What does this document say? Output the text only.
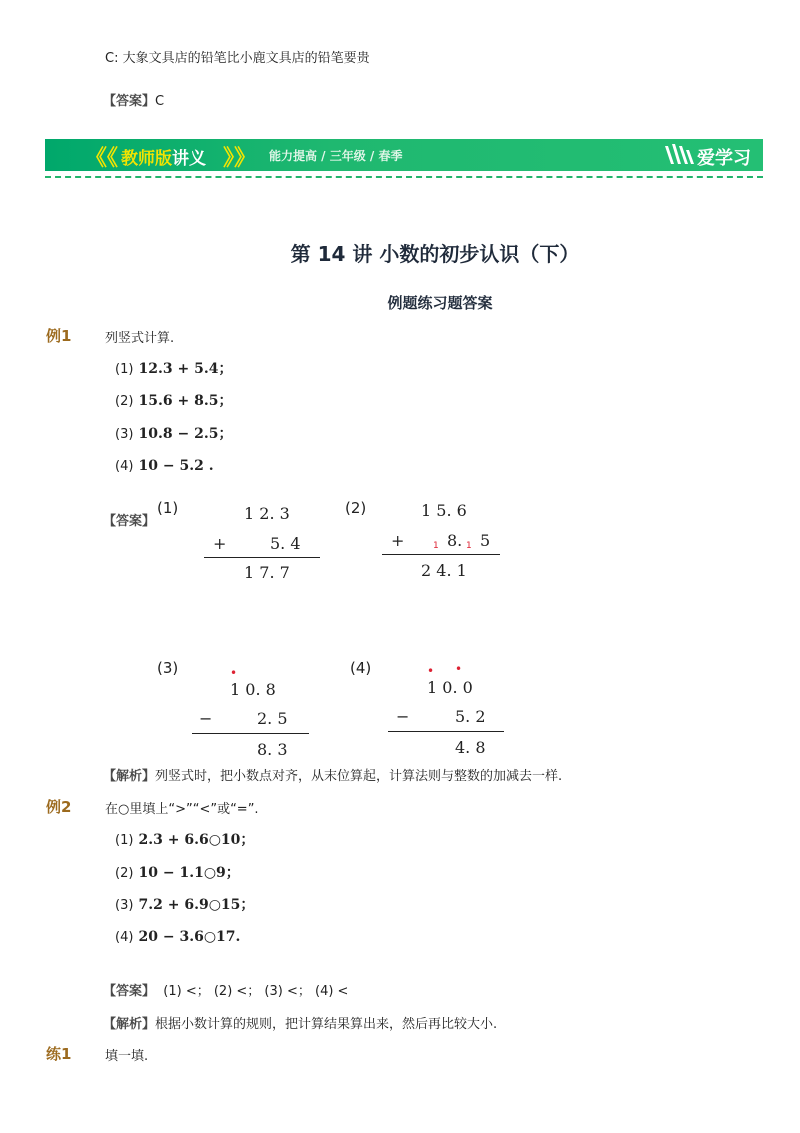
C: 大象文具店的铅笔比小鹿文具店的铅笔要贵
【答案】C
《《 教师版讲义 》》 能力提高 / 三年级 / 春季	爱学习
第 14 讲 小数的初步认识（下）
例题练习题答案
例1	列竖式计算.
(1) 12.3 + 5.4；
(2) 15.6 + 8.5；
(3) 10.8 − 2.5；
(4) 10 − 5.2 .
【答案】
(1)	1 2. 3
+	5. 4
1 7. 7
(2)	1 5. 6
+	1 8. 1 5
2 4. 1
(3)	•
1 0. 8
−	2. 5
8. 3
(4)	• •
1 0. 0
−	5. 2
4. 8
【解析】列竖式时，把小数点对齐，从末位算起，计算法则与整数的加减去一样.
例2	在○里填上“>”“<”或“=”.
(1) 2.3 + 6.6○10；
(2) 10 − 1.1○9；
(3) 7.2 + 6.9○15；
(4) 20 − 3.6○17.
【答案】 (1) <； (2) <； (3) <； (4) <
【解析】根据小数计算的规则，把计算结果算出来，然后再比较大小.
练1	填一填.
